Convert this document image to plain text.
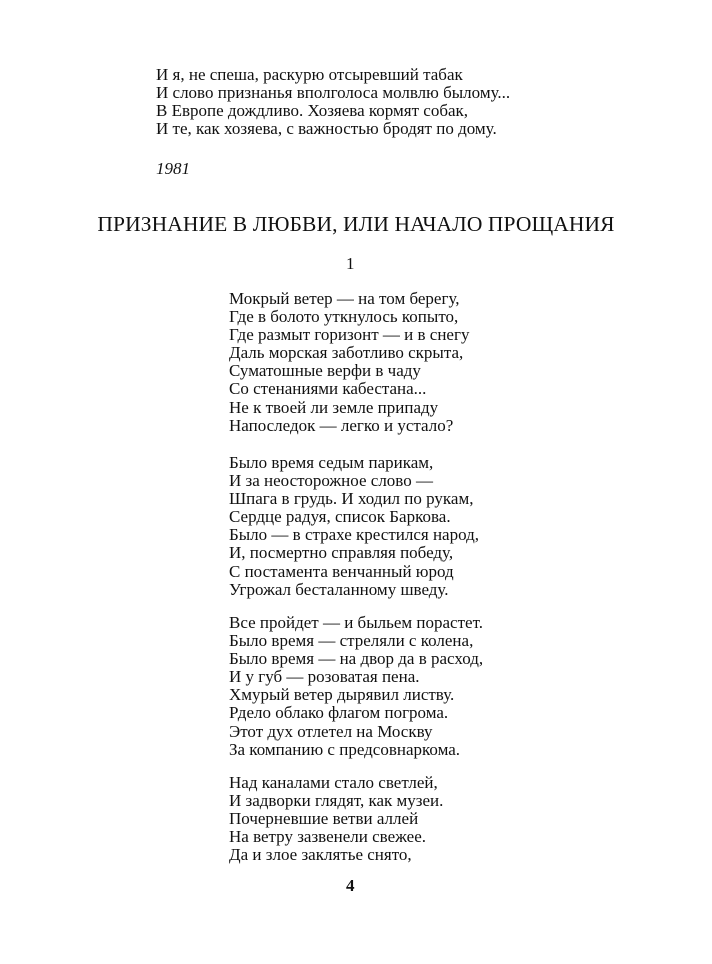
И я, не спеша, раскурю отсыревший табак
И слово признанья вполголоса молвлю былому...
В Европе дождливо. Хозяева кормят собак,
И те, как хозяева, с важностью бродят по дому.
1981
ПРИЗНАНИЕ В ЛЮБВИ, ИЛИ НАЧАЛО ПРОЩАНИЯ
1
Мокрый ветер — на том берегу,
Где в болото уткнулось копыто,
Где размыт горизонт — и в снегу
Даль морская заботливо скрыта,
Суматошные верфи в чаду
Со стенаниями кабестана...
Не к твоей ли земле припаду
Напоследок — легко и устало?
Было время седым парикам,
И за неосторожное слово —
Шпага в грудь. И ходил по рукам,
Сердце радуя, список Баркова.
Было — в страхе крестился народ,
И, посмертно справляя победу,
С постамента венчанный юрод
Угрожал бесталанному шведу.
Все пройдет — и быльем порастет.
Было время — стреляли с колена,
Было время — на двор да в расход,
И у губ — розоватая пена.
Хмурый ветер дырявил листву.
Рдело облако флагом погрома.
Этот дух отлетел на Москву
За компанию с предсовнаркома.
Над каналами стало светлей,
И задворки глядят, как музеи.
Почерневшие ветви аллей
На ветру зазвенели свежее.
Да и злое заклятье снято,
4
